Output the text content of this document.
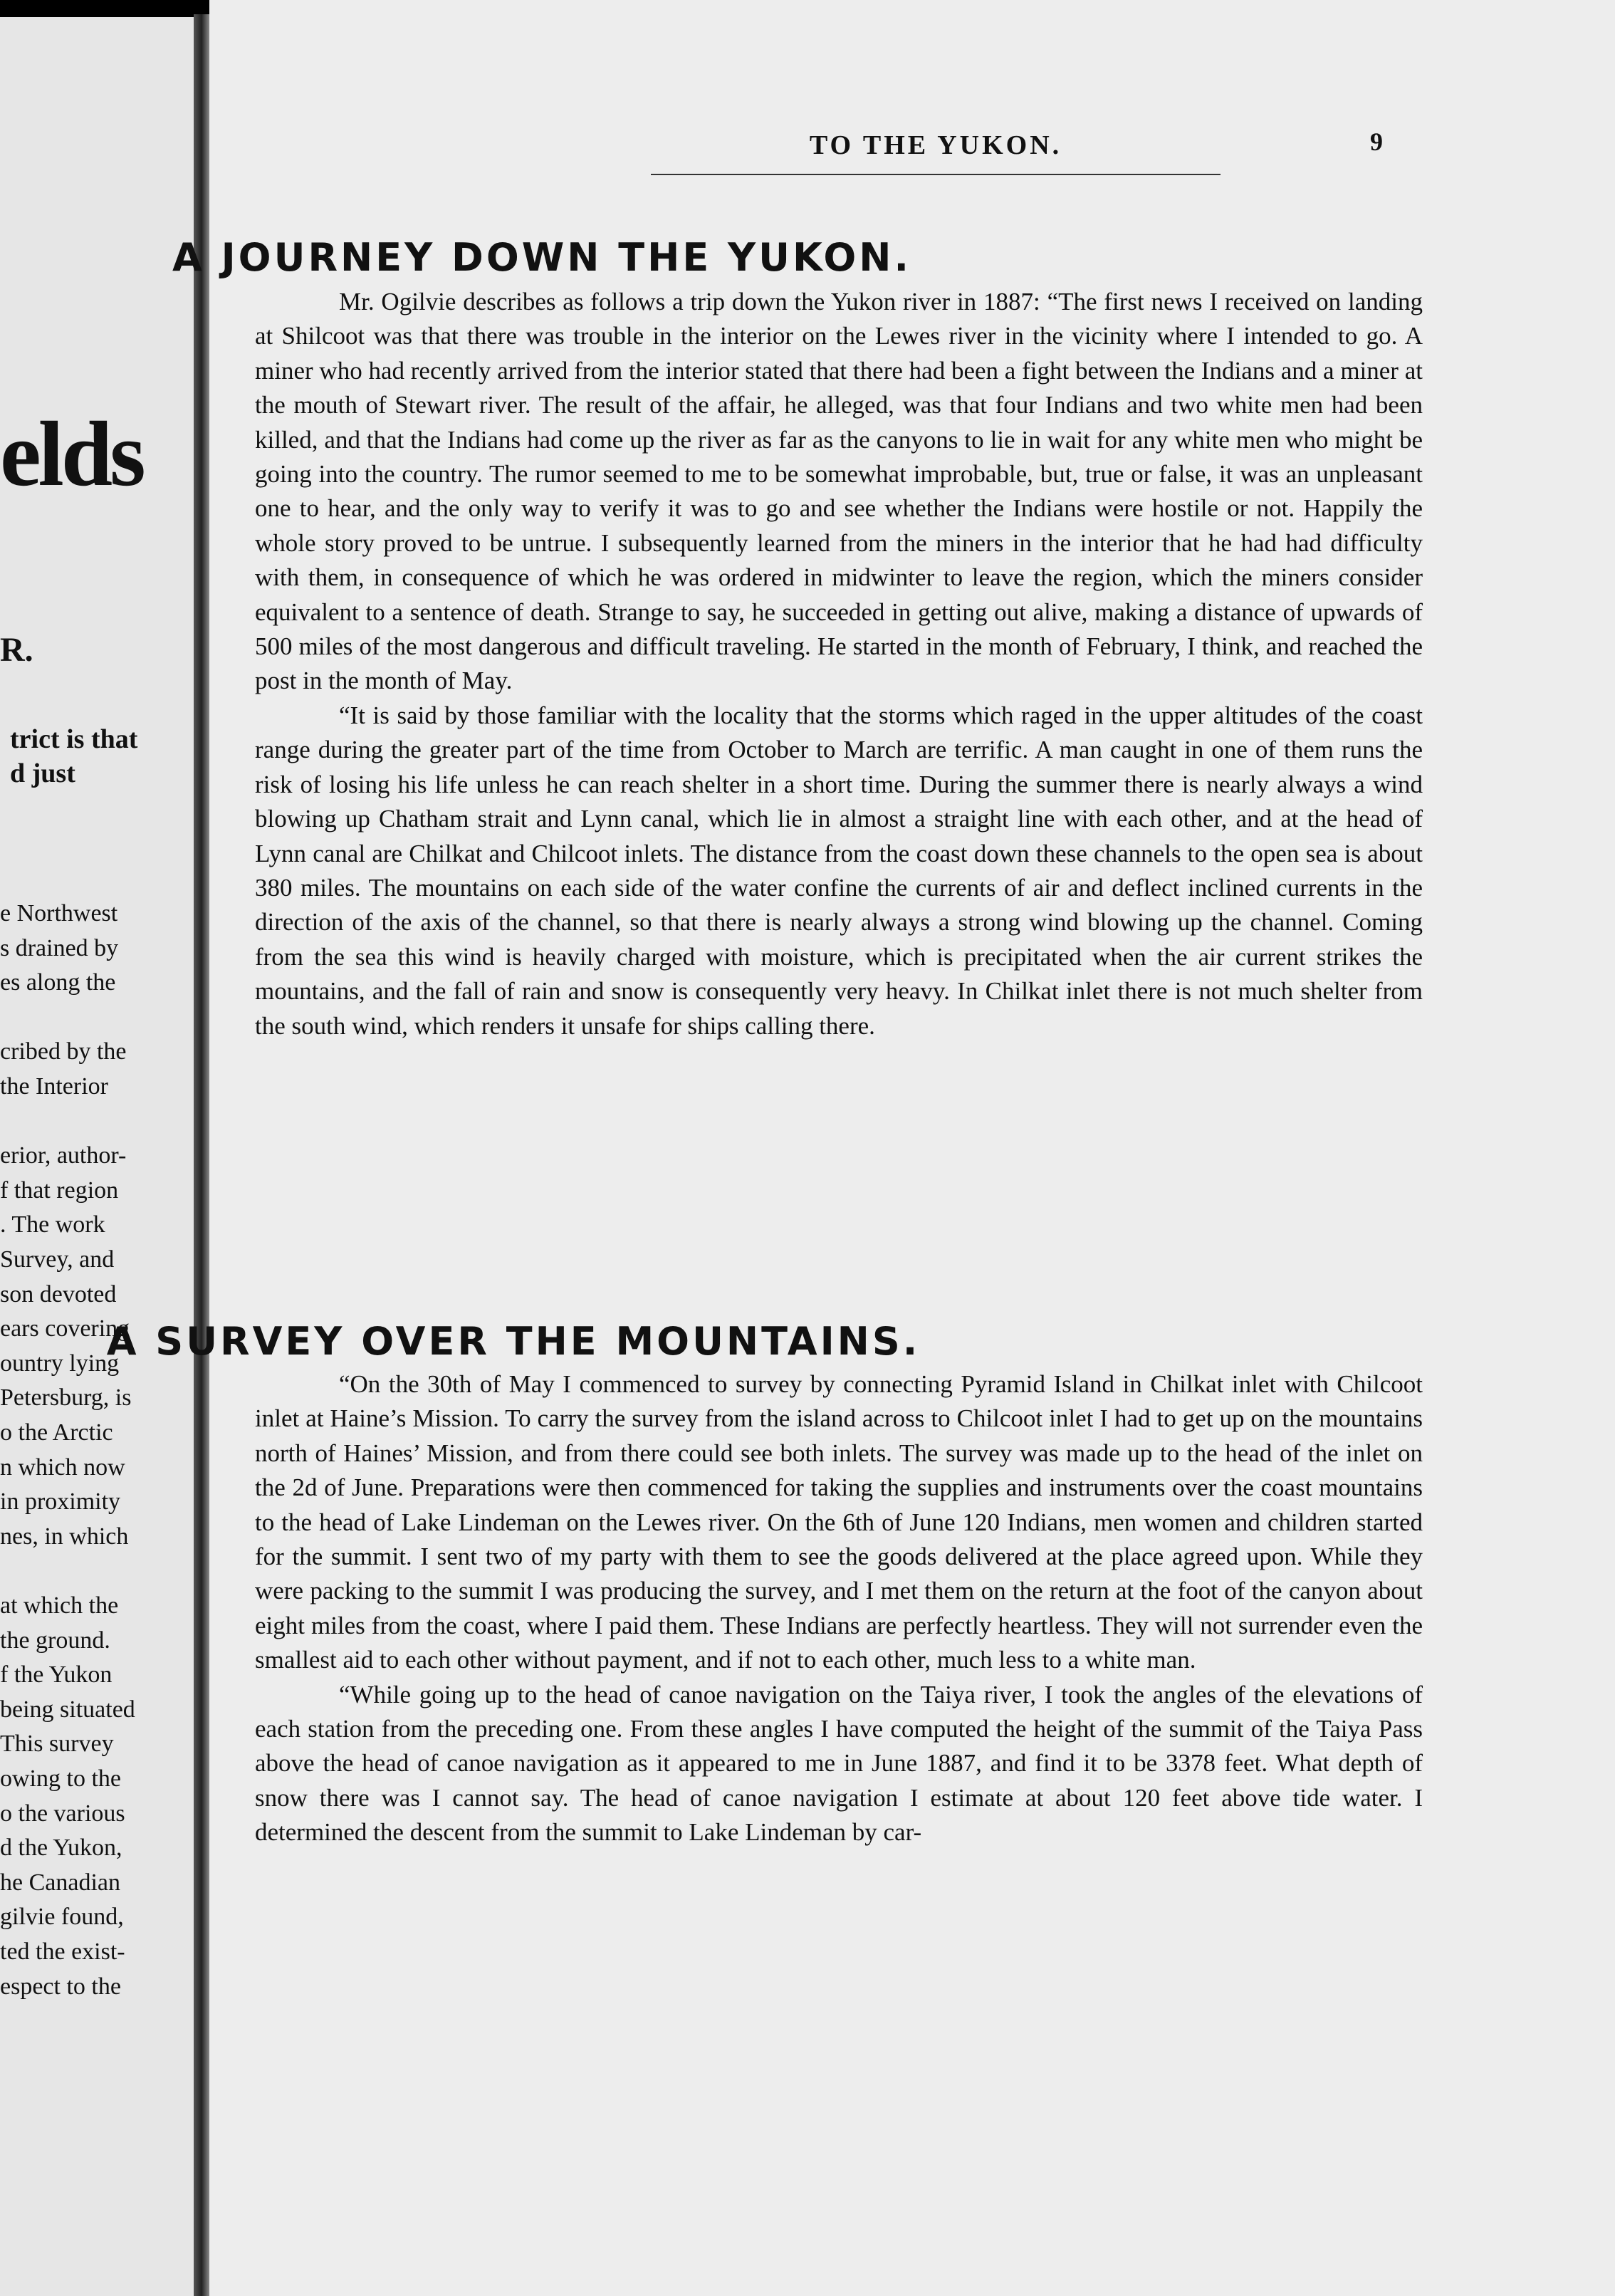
elds
R.
trict is that
d just
e Northwest
s drained by
es along the
cribed by the
the Interior
erior, author-
f that region
. The work
Survey, and
son devoted
ears covering
ountry lying
Petersburg, is
o the Arctic
n which now
in proximity
nes, in which
at which the
the ground.
f the Yukon
being situated
This survey
owing to the
o the various
d the Yukon,
he Canadian
gilvie found,
ted the exist-
espect to the
TO THE YUKON.	9
A JOURNEY DOWN THE YUKON.

Mr. Ogilvie describes as follows a trip down the Yukon river in 1887: “The first news I received on landing at Shilcoot was that there was trouble in the interior on the Lewes river in the vicinity where I intended to go. A miner who had recently arrived from the interior stated that there had been a fight between the Indians and a miner at the mouth of Stewart river. The result of the affair, he alleged, was that four Indians and two white men had been killed, and that the Indians had come up the river as far as the canyons to lie in wait for any white men who might be going into the country. The rumor seemed to me to be somewhat improbable, but, true or false, it was an unpleasant one to hear, and the only way to verify it was to go and see whether the Indians were hostile or not. Happily the whole story proved to be untrue. I subsequently learned from the miners in the interior that he had had difficulty with them, in consequence of which he was ordered in midwinter to leave the region, which the miners consider equivalent to a sentence of death. Strange to say, he succeeded in getting out alive, making a distance of upwards of 500 miles of the most dangerous and difficult traveling. He started in the month of February, I think, and reached the post in the month of May.

“It is said by those familiar with the locality that the storms which raged in the upper altitudes of the coast range during the greater part of the time from October to March are terrific. A man caught in one of them runs the risk of losing his life unless he can reach shelter in a short time. During the summer there is nearly always a wind blowing up Chatham strait and Lynn canal, which lie in almost a straight line with each other, and at the head of Lynn canal are Chilkat and Chilcoot inlets. The distance from the coast down these channels to the open sea is about 380 miles. The mountains on each side of the water confine the currents of air and deflect inclined currents in the direction of the axis of the channel, so that there is nearly always a strong wind blowing up the channel. Coming from the sea this wind is heavily charged with moisture, which is precipitated when the air current strikes the mountains, and the fall of rain and snow is consequently very heavy. In Chilkat inlet there is not much shelter from the south wind, which renders it unsafe for ships calling there.

A SURVEY OVER THE MOUNTAINS.

“On the 30th of May I commenced to survey by connecting Pyramid Island in Chilkat inlet with Chilcoot inlet at Haine’s Mission. To carry the survey from the island across to Chilcoot inlet I had to get up on the mountains north of Haines’ Mission, and from there could see both inlets. The survey was made up to the head of the inlet on the 2d of June. Preparations were then commenced for taking the supplies and instruments over the coast mountains to the head of Lake Lindeman on the Lewes river. On the 6th of June 120 Indians, men women and children started for the summit. I sent two of my party with them to see the goods delivered at the place agreed upon. While they were packing to the summit I was producing the survey, and I met them on the return at the foot of the canyon about eight miles from the coast, where I paid them. These Indians are perfectly heartless. They will not surrender even the smallest aid to each other without payment, and if not to each other, much less to a white man.

“While going up to the head of canoe navigation on the Taiya river, I took the angles of the elevations of each station from the preceding one. From these angles I have computed the height of the summit of the Taiya Pass above the head of canoe navigation as it appeared to me in June 1887, and find it to be 3378 feet. What depth of snow there was I cannot say. The head of canoe navigation I estimate at about 120 feet above tide water. I determined the descent from the summit to Lake Lindeman by car-
